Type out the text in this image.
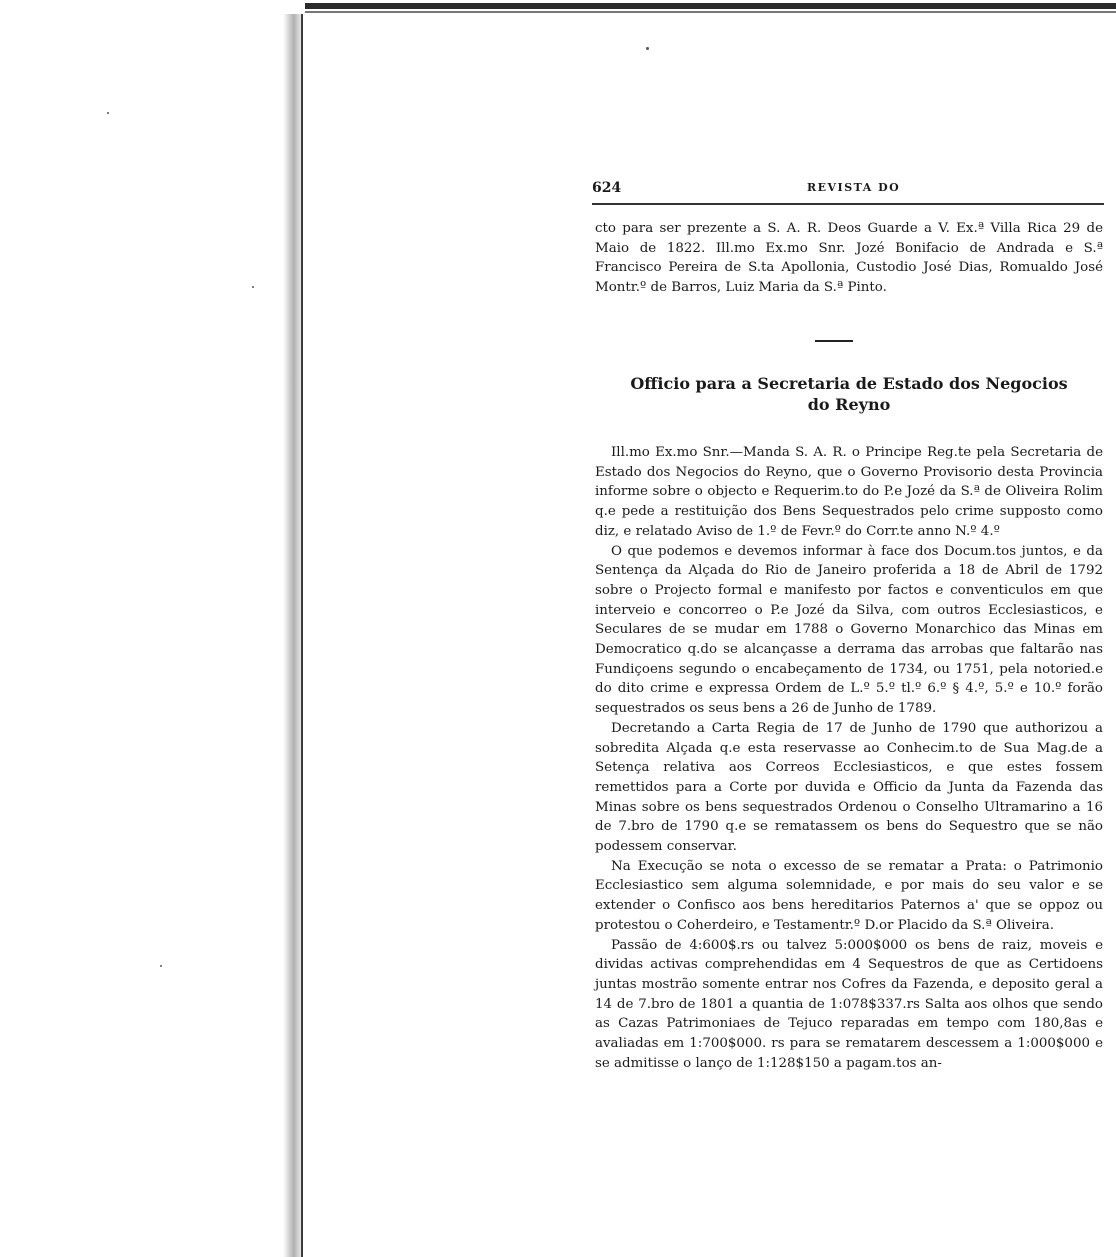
624	REVISTA DO

cto para ser prezente a S. A. R. Deos Guarde a V. Ex.ª Villa Rica 29 de Maio de 1822. Ill.mo Ex.mo Snr. Jozé Bonifacio de Andrada e S.ª Francisco Pereira de S.ta Apollonia, Custodio José Dias, Romualdo José Montr.º de Barros, Luiz Maria da S.ª Pinto.

Officio para a Secretaria de Estado dos Negocios
do Reyno

Ill.mo Ex.mo Snr.—Manda S. A. R. o Principe Reg.te pela Secretaria de Estado dos Negocios do Reyno, que o Governo Provisorio desta Provincia informe sobre o objecto e Requerim.to do P.e Jozé da S.ª de Oliveira Rolim q.e pede a restituição dos Bens Sequestrados pelo crime supposto como diz, e relatado Aviso de 1.º de Fevr.º do Corr.te anno N.º 4.º

O que podemos e devemos informar à face dos Docum.tos juntos, e da Sentença da Alçada do Rio de Janeiro proferida a 18 de Abril de 1792 sobre o Projecto formal e manifesto por factos e conventiculos em que interveio e concorreo o P.e Jozé da Silva, com outros Ecclesiasticos, e Seculares de se mudar em 1788 o Governo Monarchico das Minas em Democratico q.do se alcançasse a derrama das arrobas que faltarão nas Fundiçoens segundo o encabeçamento de 1734, ou 1751, pela notoried.e do dito crime e expressa Ordem de L.º 5.º tl.º 6.º § 4.º, 5.º e 10.º forão sequestrados os seus bens a 26 de Junho de 1789.

Decretando a Carta Regia de 17 de Junho de 1790 que authorizou a sobredita Alçada q.e esta reservasse ao Conhecim.to de Sua Mag.de a Setença relativa aos Correos Ecclesiasticos, e que estes fossem remettidos para a Corte por duvida e Officio da Junta da Fazenda das Minas sobre os bens sequestrados Ordenou o Conselho Ultramarino a 16 de 7.bro de 1790 q.e se rematassem os bens do Sequestro que se não podessem conservar.

Na Execução se nota o excesso de se rematar a Prata: o Patrimonio Ecclesiastico sem alguma solemnidade, e por mais do seu valor e se extender o Confisco aos bens hereditarios Paternos a' que se oppoz ou protestou o Coherdeiro, e Testamentr.º D.or Placido da S.ª Oliveira.

Passão de 4:600$.rs ou talvez 5:000$000 os bens de raiz, moveis e dividas activas comprehendidas em 4 Sequestros de que as Certidoens juntas mostrão somente entrar nos Cofres da Fazenda, e deposito geral a 14 de 7.bro de 1801 a quantia de 1:078$337.rs Salta aos olhos que sendo as Cazas Patrimoniaes de Tejuco reparadas em tempo com 180,8as e avaliadas em 1:700$000. rs para se rematarem descessem a 1:000$000 e se admitisse o lanço de 1:128$150 a pagam.tos an-
